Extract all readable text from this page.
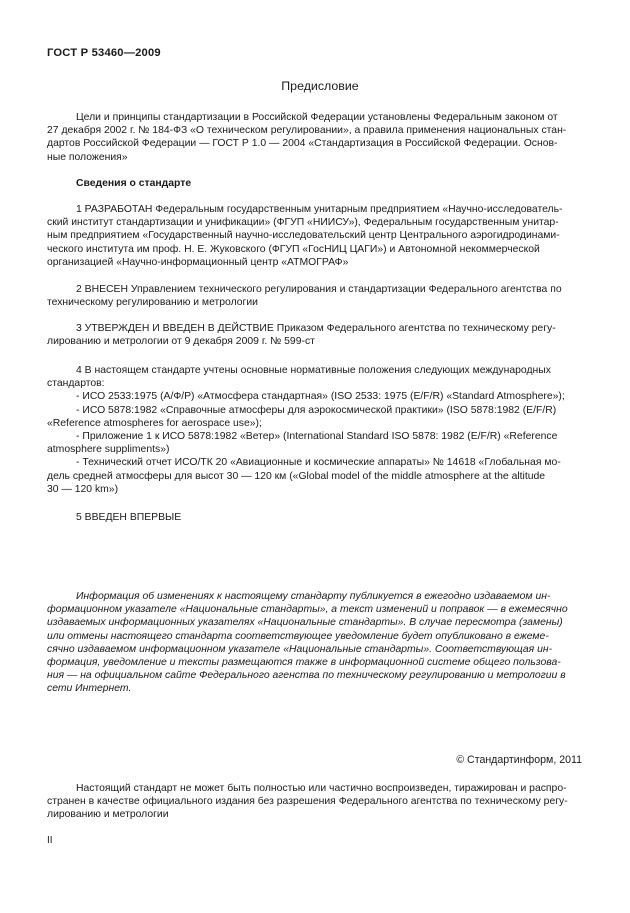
ГОСТ Р 53460—2009
Предисловие
Цели и принципы стандартизации в Российской Федерации установлены Федеральным законом от
27 декабря 2002 г. № 184-ФЗ «О техническом регулировании», а правила применения национальных стан-
дартов Российской Федерации — ГОСТ Р 1.0 — 2004 «Стандартизация в Российской Федерации. Основ-
ные положения»
Сведения о стандарте
1 РАЗРАБОТАН Федеральным государственным унитарным предприятием «Научно-исследователь-
ский институт стандартизации и унификации» (ФГУП «НИИСУ»), Федеральным государственным унитар-
ным предприятием «Государственный научно-исследовательский центр Центрального аэрогидродинами-
ческого института им проф. Н. Е. Жуковского (ФГУП «ГосНИЦ ЦАГИ») и Автономной некоммерческой
организацией «Научно-информационный центр «АТМОГРАФ»
2 ВНЕСЕН Управлением технического регулирования и стандартизации Федерального агентства по
техническому регулированию и метрологии
3 УТВЕРЖДЕН И ВВЕДЕН В ДЕЙСТВИЕ Приказом Федерального агентства по техническому регу-
лированию и метрологии от 9 декабря 2009 г. № 599-ст
4 В настоящем стандарте учтены основные нормативные положения следующих международных
стандартов:
- ИСО 2533:1975 (А/Ф/Р) «Атмосфера стандартная» (ISO 2533: 1975 (E/F/R) «Standard Atmosphere»);
- ИСО 5878:1982 «Справочные атмосферы для аэрокосмической практики» (ISO 5878:1982 (E/F/R)
«Reference atmospheres for aerospace use»);
- Приложение 1 к ИСО 5878:1982 «Ветер» (International Standard ISO 5878: 1982 (E/F/R) «Reference
atmosphere suppliments»)
- Технический отчет ИСО/ТК 20 «Авиационные и космические аппараты» № 14618 «Глобальная мо-
дель средней атмосферы для высот 30 — 120 км («Global model of the middle atmosphere at the altitude
30 — 120 km»)
5 ВВЕДЕН ВПЕРВЫЕ
Информация об изменениях к настоящему стандарту публикуется в ежегодно издаваемом ин-
формационном указателе «Национальные стандарты», а текст изменений и поправок — в ежемесячно
издаваемых информационных указателях «Национальные стандарты». В случае пересмотра (замены)
или отмены настоящего стандарта соответствующее уведомление будет опубликовано в ежеме-
сячно издаваемом информационном указателе «Национальные стандарты». Соответствующая ин-
формация, уведомление и тексты размещаются также в информационной системе общего пользова-
ния — на официальном сайте Федерального агенства по техническому регулированию и метрологии в
сети Интернет.
© Стандартинформ, 2011
Настоящий стандарт не может быть полностью или частично воспроизведен, тиражирован и распро-
странен в качестве официального издания без разрешения Федерального агентства по техническому регу-
лированию и метрологии
II
